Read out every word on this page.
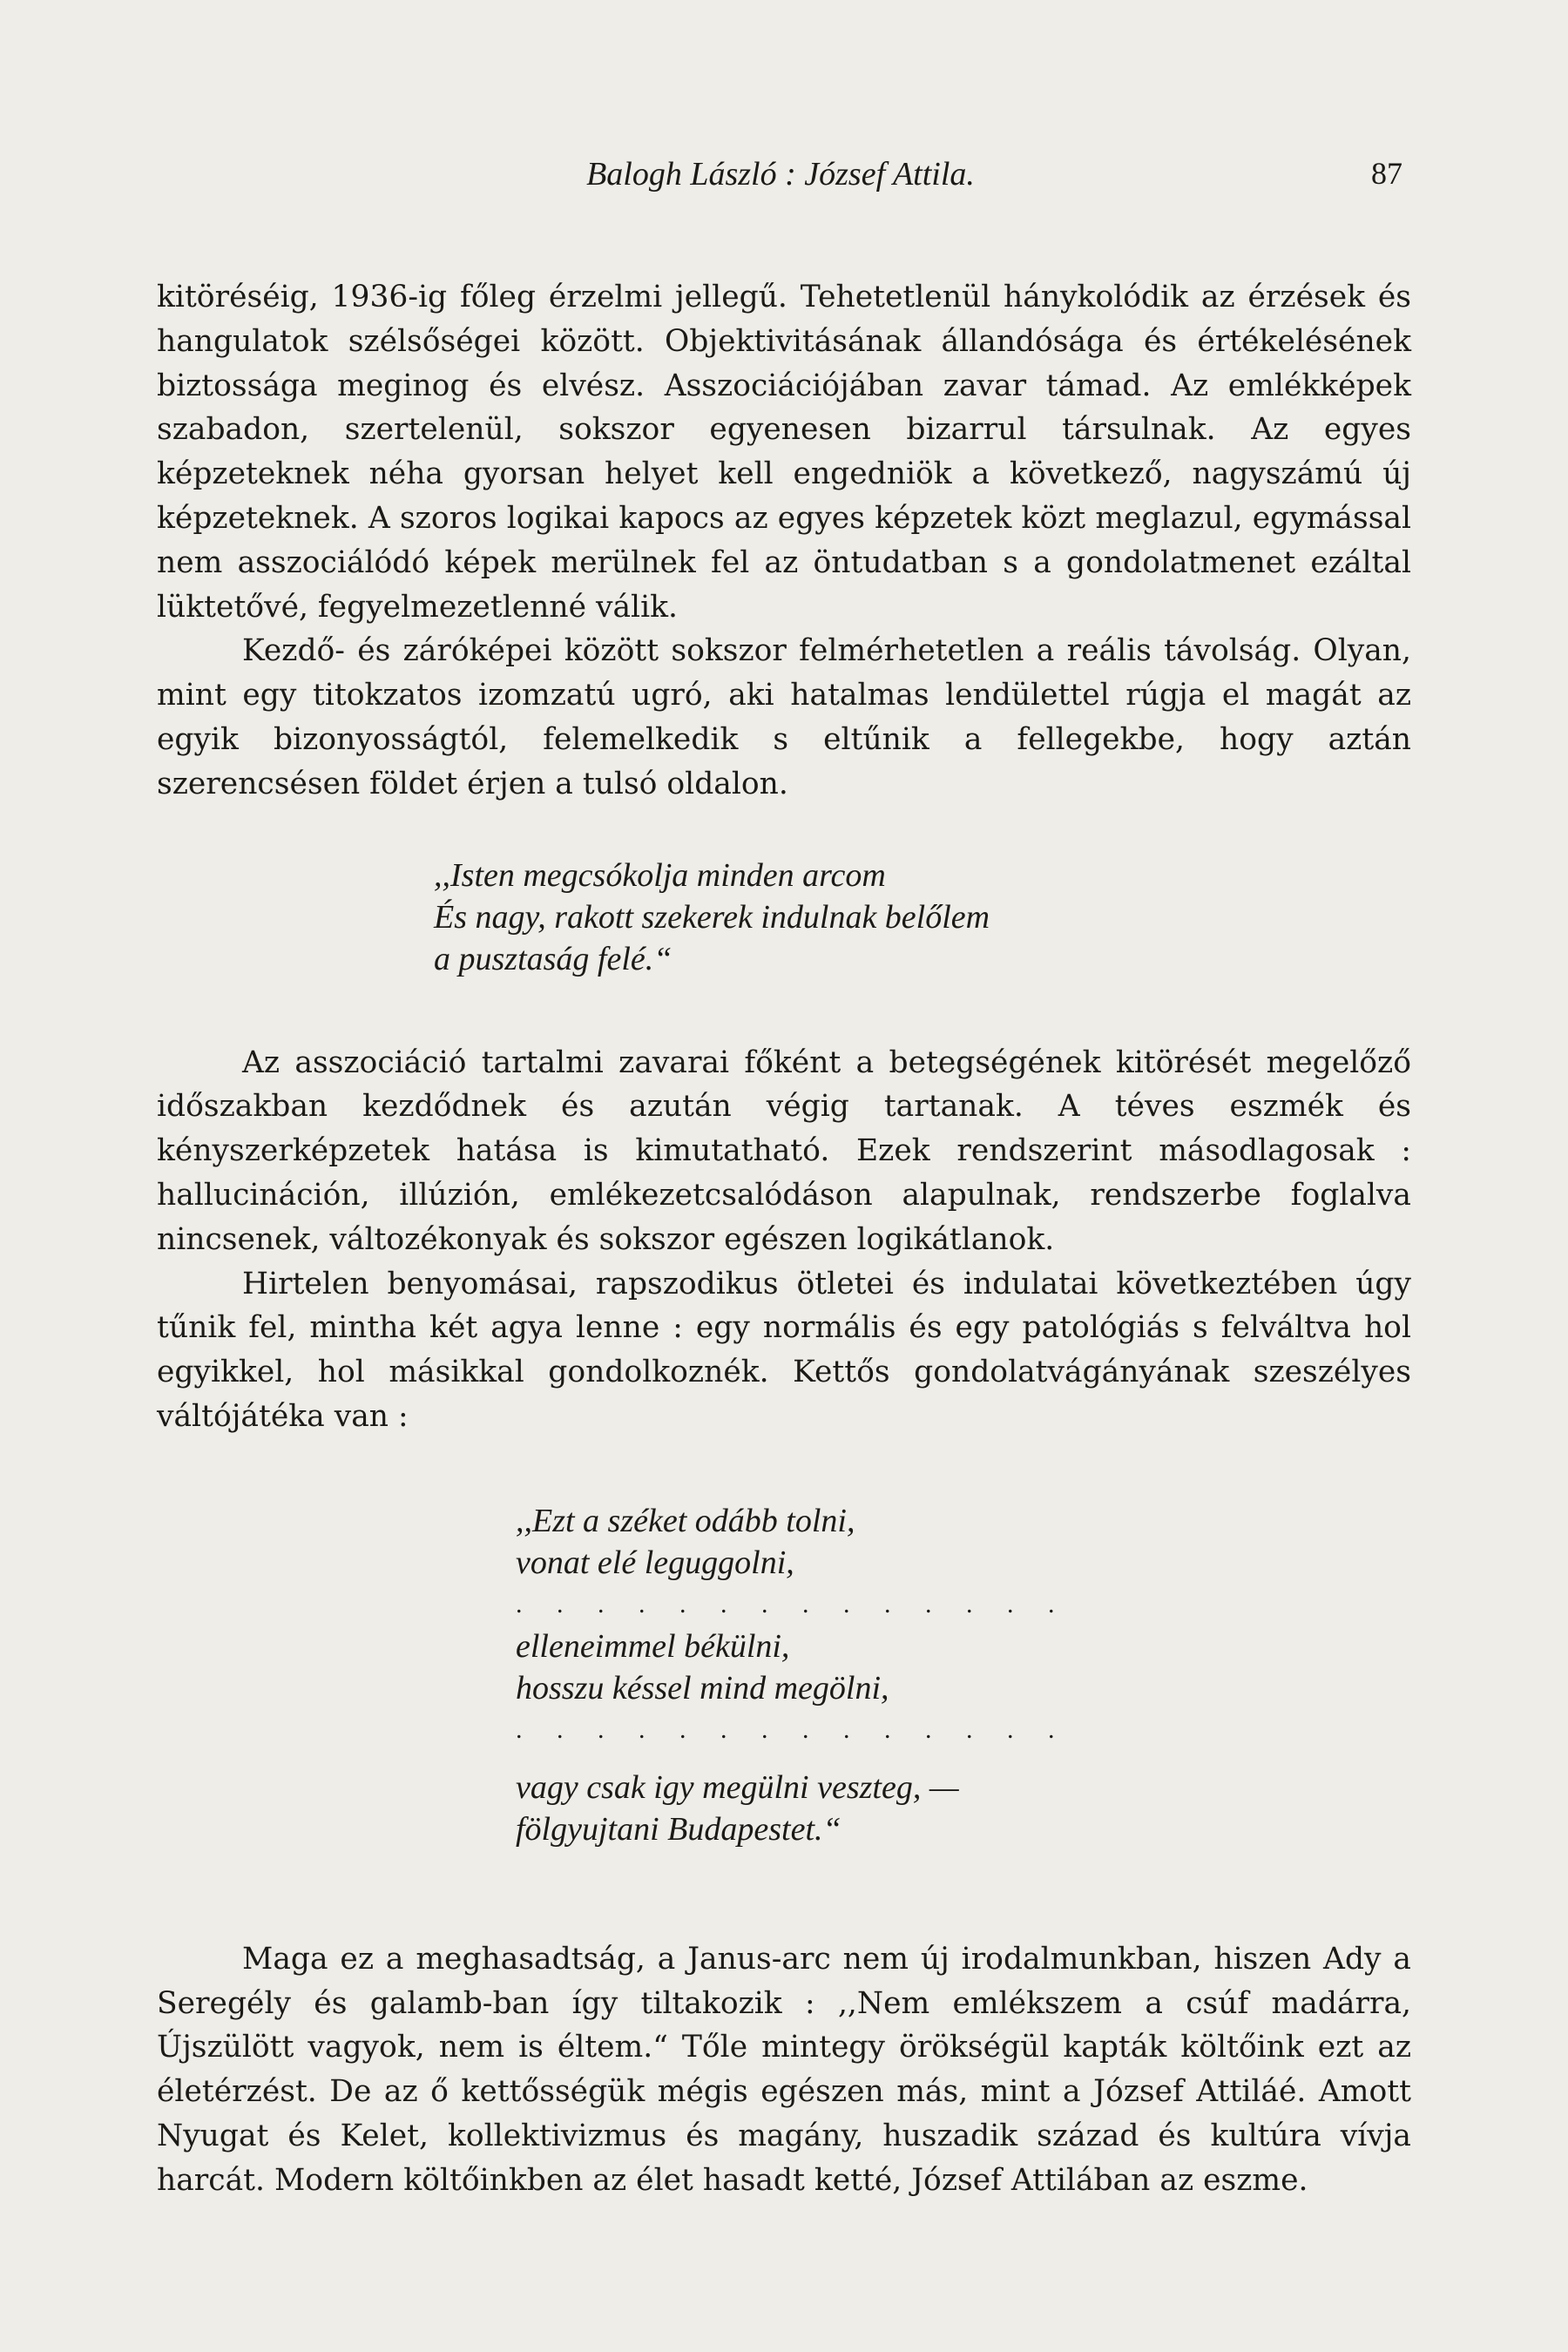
Balogh László : József Attila.	87

kitöréséig, 1936-ig főleg érzelmi jellegű. Tehetetlenül hánykolódik az érzések és hangulatok szélsőségei között. Objektivitásának állandósága és értékelésének biztossága meginog és elvész. Asszociációjában zavar támad. Az emlékképek szabadon, szertelenül, sokszor egyenesen bizarrul társulnak. Az egyes képzeteknek néha gyorsan helyet kell engedniök a következő, nagyszámú új képzeteknek. A szoros logikai kapocs az egyes képzetek közt meglazul, egymással nem asszociálódó képek merülnek fel az öntudatban s a gondolatmenet ezáltal lüktetővé, fegyelmezetlenné válik.

Kezdő- és záróképei között sokszor felmérhetetlen a reális távolság. Olyan, mint egy titokzatos izomzatú ugró, aki hatalmas lendülettel rúgja el magát az egyik bizonyosságtól, felemelkedik s eltűnik a fellegekbe, hogy aztán szerencsésen földet érjen a tulsó oldalon.

,,Isten megcsókolja minden arcom
És nagy, rakott szekerek indulnak belőlem
a pusztaság felé.“

Az asszociáció tartalmi zavarai főként a betegségének kitörését megelőző időszakban kezdődnek és azután végig tartanak. A téves eszmék és kényszerképzetek hatása is kimutatható. Ezek rendszerint másodlagosak : hallucináción, illúzión, emlékezetcsalódáson alapulnak, rendszerbe foglalva nincsenek, változékonyak és sokszor egészen logikátlanok.

Hirtelen benyomásai, rapszodikus ötletei és indulatai következtében úgy tűnik fel, mintha két agya lenne : egy normális és egy patológiás s felváltva hol egyikkel, hol másikkal gondolkoznék. Kettős gondolatvágányának szeszélyes váltójátéka van :

,,Ezt a széket odább tolni,
vonat elé leguggolni,
. . . . . . . . . . . . . .
elleneimmel békülni,
hosszu késsel mind megölni,
. . . . . . . . . . . . . .
vagy csak igy megülni veszteg, —
fölgyujtani Budapestet.“

Maga ez a meghasadtság, a Janus-arc nem új irodalmunkban, hiszen Ady a Seregély és galamb-ban így tiltakozik : ,,Nem emlékszem a csúf madárra, Újszülött vagyok, nem is éltem.“ Tőle mintegy örökségül kapták költőink ezt az életérzést. De az ő kettősségük mégis egészen más, mint a József Attiláé. Amott Nyugat és Kelet, kollektivizmus és magány, huszadik század és kultúra vívja harcát. Modern költőinkben az élet hasadt ketté, József Attilában az eszme.
